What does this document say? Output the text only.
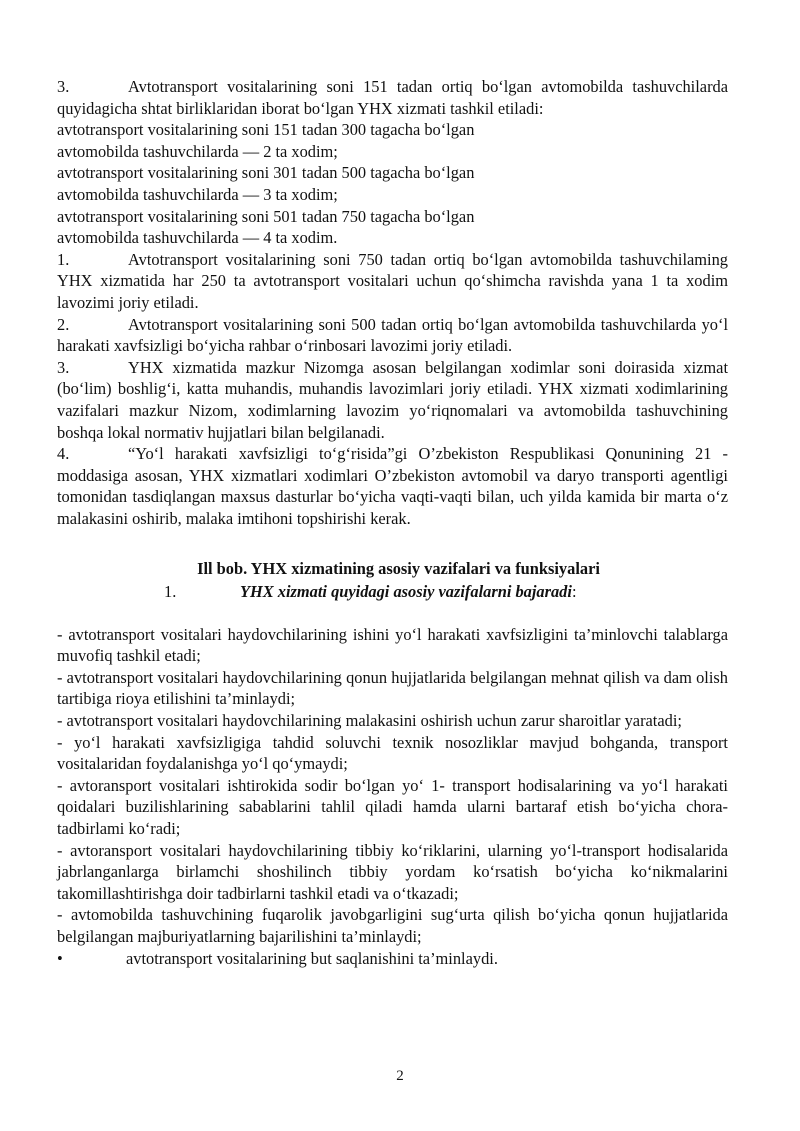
3.	Avtotransport vositalarining soni 151 tadan ortiq bo‘lgan avtomobilda tashuvchilarda quyidagicha shtat birliklaridan iborat bo‘lgan YHX xizmati tashkil etiladi:

avtotransport vositalarining soni 151 tadan 300 tagacha bo‘lgan

avtomobilda tashuvchilarda — 2 ta xodim;

avtotransport vositalarining soni 301 tadan 500 tagacha bo‘lgan

avtomobilda tashuvchilarda — 3 ta xodim;

avtotransport vositalarining soni 501 tadan 750 tagacha bo‘lgan

avtomobilda tashuvchilarda — 4 ta xodim.

1.	Avtotransport vositalarining soni 750 tadan ortiq bo‘lgan avtomobilda tashuvchilaming YHX xizmatida har 250 ta avtotransport vositalari uchun qo‘shimcha ravishda yana 1 ta xodim lavozimi joriy etiladi.

2.	Avtotransport vositalarining soni 500 tadan ortiq bo‘lgan avtomobilda tashuvchilarda yo‘l harakati xavfsizligi bo‘yicha rahbar o‘rinbosari lavozimi joriy etiladi.

3.	YHX xizmatida mazkur Nizomga asosan belgilangan xodimlar soni doirasida xizmat (bo‘lim) boshlig‘i, katta muhandis, muhandis lavozimlari joriy etiladi. YHX xizmati xodimlarining vazifalari mazkur Nizom, xodimlarning lavozim yo‘riqnomalari va avtomobilda tashuvchining boshqa lokal normativ hujjatlari bilan belgilanadi.

4.	“Yo‘l harakati xavfsizligi to‘g‘risida”gi O’zbekiston Respublikasi Qonunining 21 - moddasiga asosan, YHX xizmatlari xodimlari O’zbekiston avtomobil va daryo transporti agentligi tomonidan tasdiqlangan maxsus dasturlar bo‘yicha vaqti-vaqti bilan, uch yilda kamida bir marta o‘z malakasini oshirib, malaka imtihoni topshirishi kerak.

Ill bob. YHX xizmatining asosiy vazifalari va funksiyalari

1.	YHX xizmati quyidagi asosiy vazifalarni bajaradi:

- avtotransport vositalari haydovchilarining ishini yo‘l harakati xavfsizligini ta’minlovchi talablarga muvofiq tashkil etadi;

- avtotransport vositalari haydovchilarining qonun hujjatlarida belgilangan mehnat qilish va dam olish tartibiga rioya etilishini ta’minlaydi;

- avtotransport vositalari haydovchilarining malakasini oshirish uchun zarur sharoitlar yaratadi;

- yo‘l harakati xavfsizligiga tahdid soluvchi texnik nosozliklar mavjud bohganda, transport vositalaridan foydalanishga yo‘l qo‘ymaydi;

- avtoransport vositalari ishtirokida sodir bo‘lgan yo‘ 1- transport hodisalarining va yo‘l harakati qoidalari buzilishlarining sabablarini tahlil qiladi hamda ularni bartaraf etish bo‘yicha chora-tadbirlami ko‘radi;

- avtoransport vositalari haydovchilarining tibbiy ko‘riklarini, ularning yo‘l-transport hodisalarida jabrlanganlarga birlamchi shoshilinch tibbiy yordam ko‘rsatish bo‘yicha ko‘nikmalarini takomillashtirishga doir tadbirlarni tashkil etadi va o‘tkazadi;

- avtomobilda tashuvchining fuqarolik javobgarligini sug‘urta qilish bo‘yicha qonun hujjatlarida belgilangan majburiyatlarning bajarilishini ta’minlaydi;

•	avtotransport vositalarining but saqlanishini ta’minlaydi.

2
